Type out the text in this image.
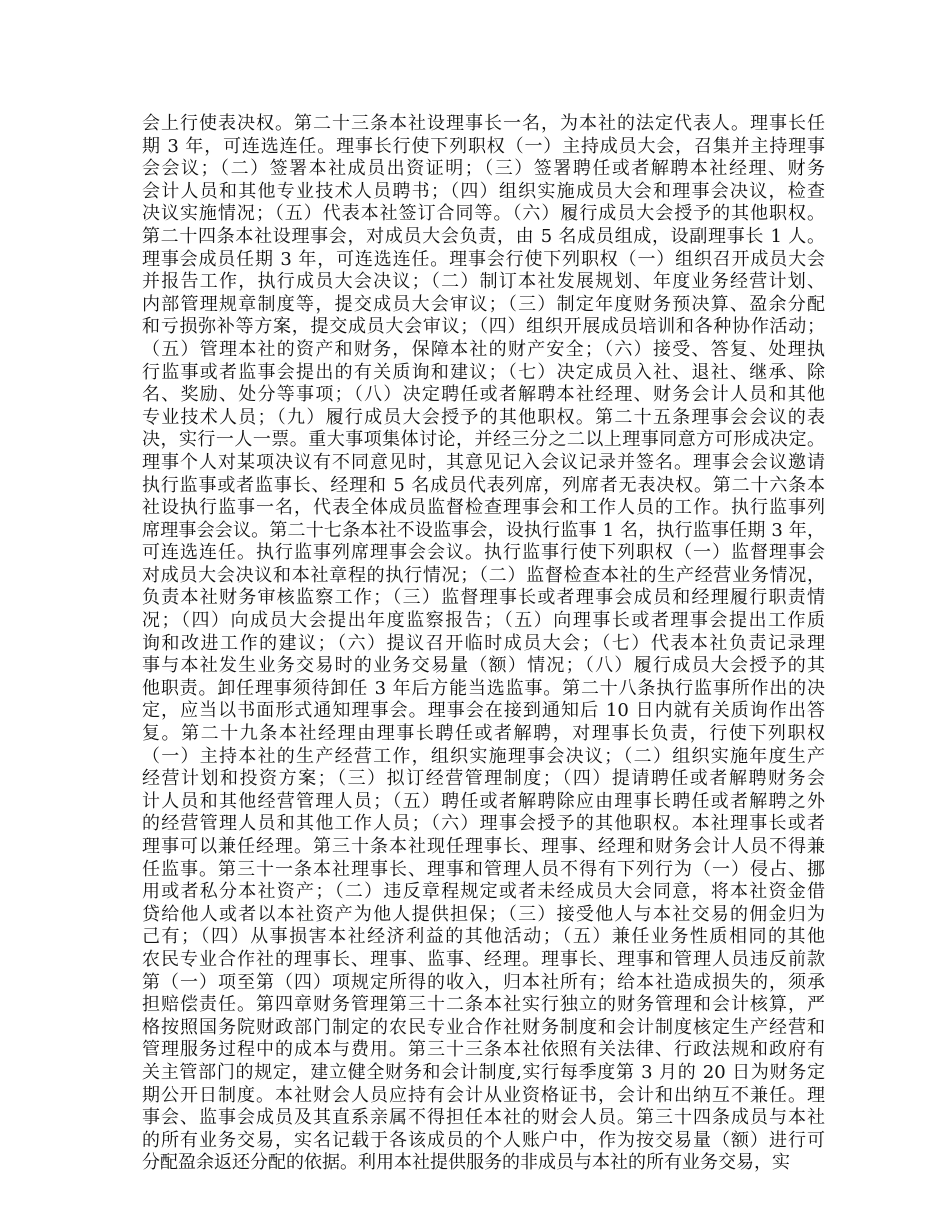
会上行使表决权。第二十三条本社设理事长一名，为本社的法定代表人。理事长任
期 3 年，可连选连任。理事长行使下列职权（一）主持成员大会，召集并主持理事
会会议；（二）签署本社成员出资证明；（三）签署聘任或者解聘本社经理、财务
会计人员和其他专业技术人员聘书；（四）组织实施成员大会和理事会决议，检查
决议实施情况；（五）代表本社签订合同等。（六）履行成员大会授予的其他职权。
第二十四条本社设理事会，对成员大会负责，由 5 名成员组成，设副理事长 1 人。
理事会成员任期 3 年，可连选连任。理事会行使下列职权（一）组织召开成员大会
并报告工作，执行成员大会决议；（二）制订本社发展规划、年度业务经营计划、
内部管理规章制度等，提交成员大会审议；（三）制定年度财务预决算、盈余分配
和亏损弥补等方案，提交成员大会审议；（四）组织开展成员培训和各种协作活动；
（五）管理本社的资产和财务，保障本社的财产安全；（六）接受、答复、处理执
行监事或者监事会提出的有关质询和建议；（七）决定成员入社、退社、继承、除
名、奖励、处分等事项；（八）决定聘任或者解聘本社经理、财务会计人员和其他
专业技术人员；（九）履行成员大会授予的其他职权。第二十五条理事会会议的表
决，实行一人一票。重大事项集体讨论，并经三分之二以上理事同意方可形成决定。
理事个人对某项决议有不同意见时，其意见记入会议记录并签名。理事会会议邀请
执行监事或者监事长、经理和 5 名成员代表列席，列席者无表决权。第二十六条本
社设执行监事一名，代表全体成员监督检查理事会和工作人员的工作。执行监事列
席理事会会议。第二十七条本社不设监事会，设执行监事 1 名，执行监事任期 3 年，
可连选连任。执行监事列席理事会会议。执行监事行使下列职权（一）监督理事会
对成员大会决议和本社章程的执行情况；（二）监督检查本社的生产经营业务情况，
负责本社财务审核监察工作；（三）监督理事长或者理事会成员和经理履行职责情
况；（四）向成员大会提出年度监察报告；（五）向理事长或者理事会提出工作质
询和改进工作的建议；（六）提议召开临时成员大会；（七）代表本社负责记录理
事与本社发生业务交易时的业务交易量（额）情况；（八）履行成员大会授予的其
他职责。卸任理事须待卸任 3 年后方能当选监事。第二十八条执行监事所作出的决
定，应当以书面形式通知理事会。理事会在接到通知后 10 日内就有关质询作出答
复。第二十九条本社经理由理事长聘任或者解聘，对理事长负责，行使下列职权
（一）主持本社的生产经营工作，组织实施理事会决议；（二）组织实施年度生产
经营计划和投资方案；（三）拟订经营管理制度；（四）提请聘任或者解聘财务会
计人员和其他经营管理人员；（五）聘任或者解聘除应由理事长聘任或者解聘之外
的经营管理人员和其他工作人员；（六）理事会授予的其他职权。本社理事长或者
理事可以兼任经理。第三十条本社现任理事长、理事、经理和财务会计人员不得兼
任监事。第三十一条本社理事长、理事和管理人员不得有下列行为（一）侵占、挪
用或者私分本社资产；（二）违反章程规定或者未经成员大会同意，将本社资金借
贷给他人或者以本社资产为他人提供担保；（三）接受他人与本社交易的佣金归为
己有；（四）从事损害本社经济利益的其他活动；（五）兼任业务性质相同的其他
农民专业合作社的理事长、理事、监事、经理。理事长、理事和管理人员违反前款
第（一）项至第（四）项规定所得的收入，归本社所有；给本社造成损失的，须承
担赔偿责任。第四章财务管理第三十二条本社实行独立的财务管理和会计核算，严
格按照国务院财政部门制定的农民专业合作社财务制度和会计制度核定生产经营和
管理服务过程中的成本与费用。第三十三条本社依照有关法律、行政法规和政府有
关主管部门的规定，建立健全财务和会计制度,实行每季度第 3 月的 20 日为财务定
期公开日制度。本社财会人员应持有会计从业资格证书，会计和出纳互不兼任。理
事会、监事会成员及其直系亲属不得担任本社的财会人员。第三十四条成员与本社
的所有业务交易，实名记载于各该成员的个人账户中，作为按交易量（额）进行可
分配盈余返还分配的依据。利用本社提供服务的非成员与本社的所有业务交易，实
